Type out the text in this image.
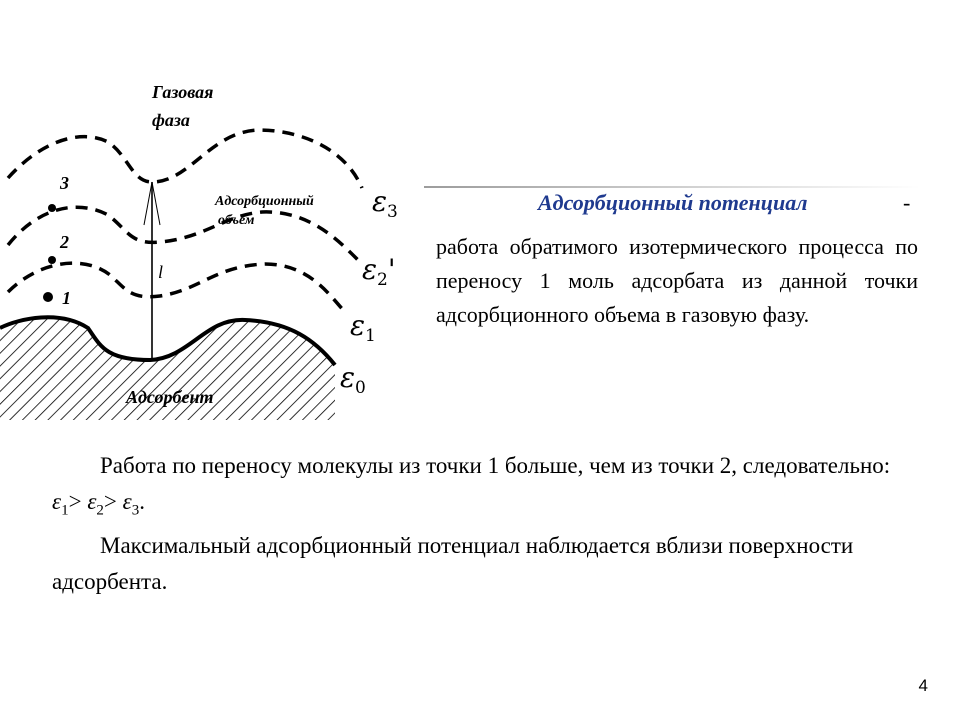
Газовая
фаза
Адсорбционный
объем
Адсорбент
3
2
1
l
$\varepsilon_3$
$\varepsilon_2'$
$\varepsilon_1$
$\varepsilon_0$
Адсорбционный потенциал	-
работа обратимого изотермического процесса по переносу 1 моль адсорбата из данной точки адсорбционного объема в газовую фазу.
Работа по переносу молекулы из точки 1 больше, чем из точки 2, следовательно: $\varepsilon_1> \varepsilon_2> \varepsilon_3$.
Максимальный адсорбционный потенциал наблюдается вблизи поверхности адсорбента.
4
